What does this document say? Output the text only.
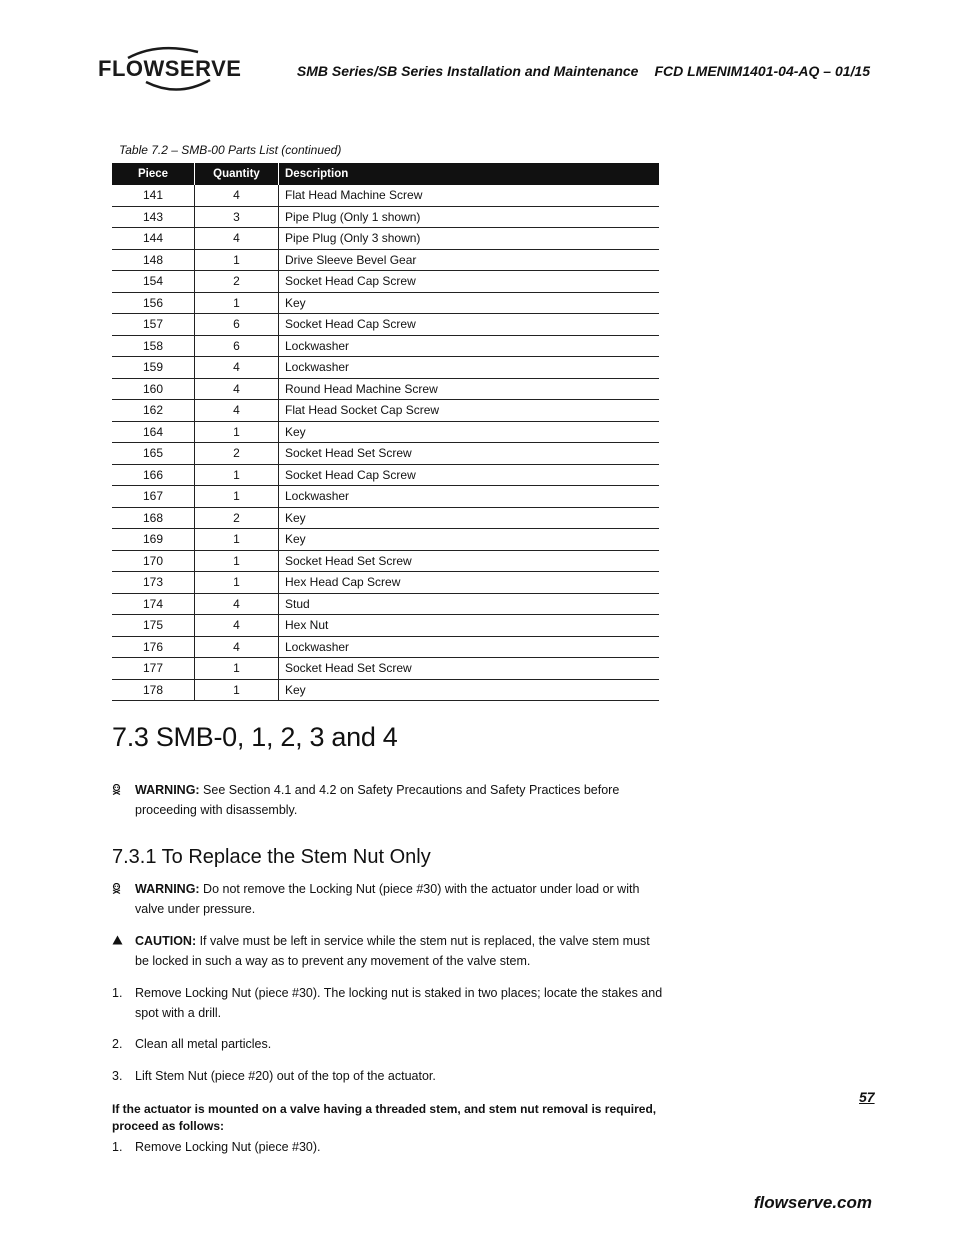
FLOWSERVE	SMB Series/SB Series Installation and Maintenance FCD LMENIM1401-04-AQ – 01/15
Table 7.2 – SMB-00 Parts List (continued)
Piece	Quantity	Description
141	4	Flat Head Machine Screw
143	3	Pipe Plug (Only 1 shown)
144	4	Pipe Plug (Only 3 shown)
148	1	Drive Sleeve Bevel Gear
154	2	Socket Head Cap Screw
156	1	Key
157	6	Socket Head Cap Screw
158	6	Lockwasher
159	4	Lockwasher
160	4	Round Head Machine Screw
162	4	Flat Head Socket Cap Screw
164	1	Key
165	2	Socket Head Set Screw
166	1	Socket Head Cap Screw
167	1	Lockwasher
168	2	Key
169	1	Key
170	1	Socket Head Set Screw
173	1	Hex Head Cap Screw
174	4	Stud
175	4	Hex Nut
176	4	Lockwasher
177	1	Socket Head Set Screw
178	1	Key
7.3 SMB-0, 1, 2, 3 and 4
WARNING: See Section 4.1 and 4.2 on Safety Precautions and Safety Practices before proceeding with disassembly.
7.3.1 To Replace the Stem Nut Only
WARNING: Do not remove the Locking Nut (piece #30) with the actuator under load or with valve under pressure.
CAUTION: If valve must be left in service while the stem nut is replaced, the valve stem must be locked in such a way as to prevent any movement of the valve stem.
1. Remove Locking Nut (piece #30). The locking nut is staked in two places; locate the stakes and spot with a drill.
2. Clean all metal particles.
3. Lift Stem Nut (piece #20) out of the top of the actuator.
If the actuator is mounted on a valve having a threaded stem, and stem nut removal is required, proceed as follows:
1. Remove Locking Nut (piece #30).
57
flowserve.com
